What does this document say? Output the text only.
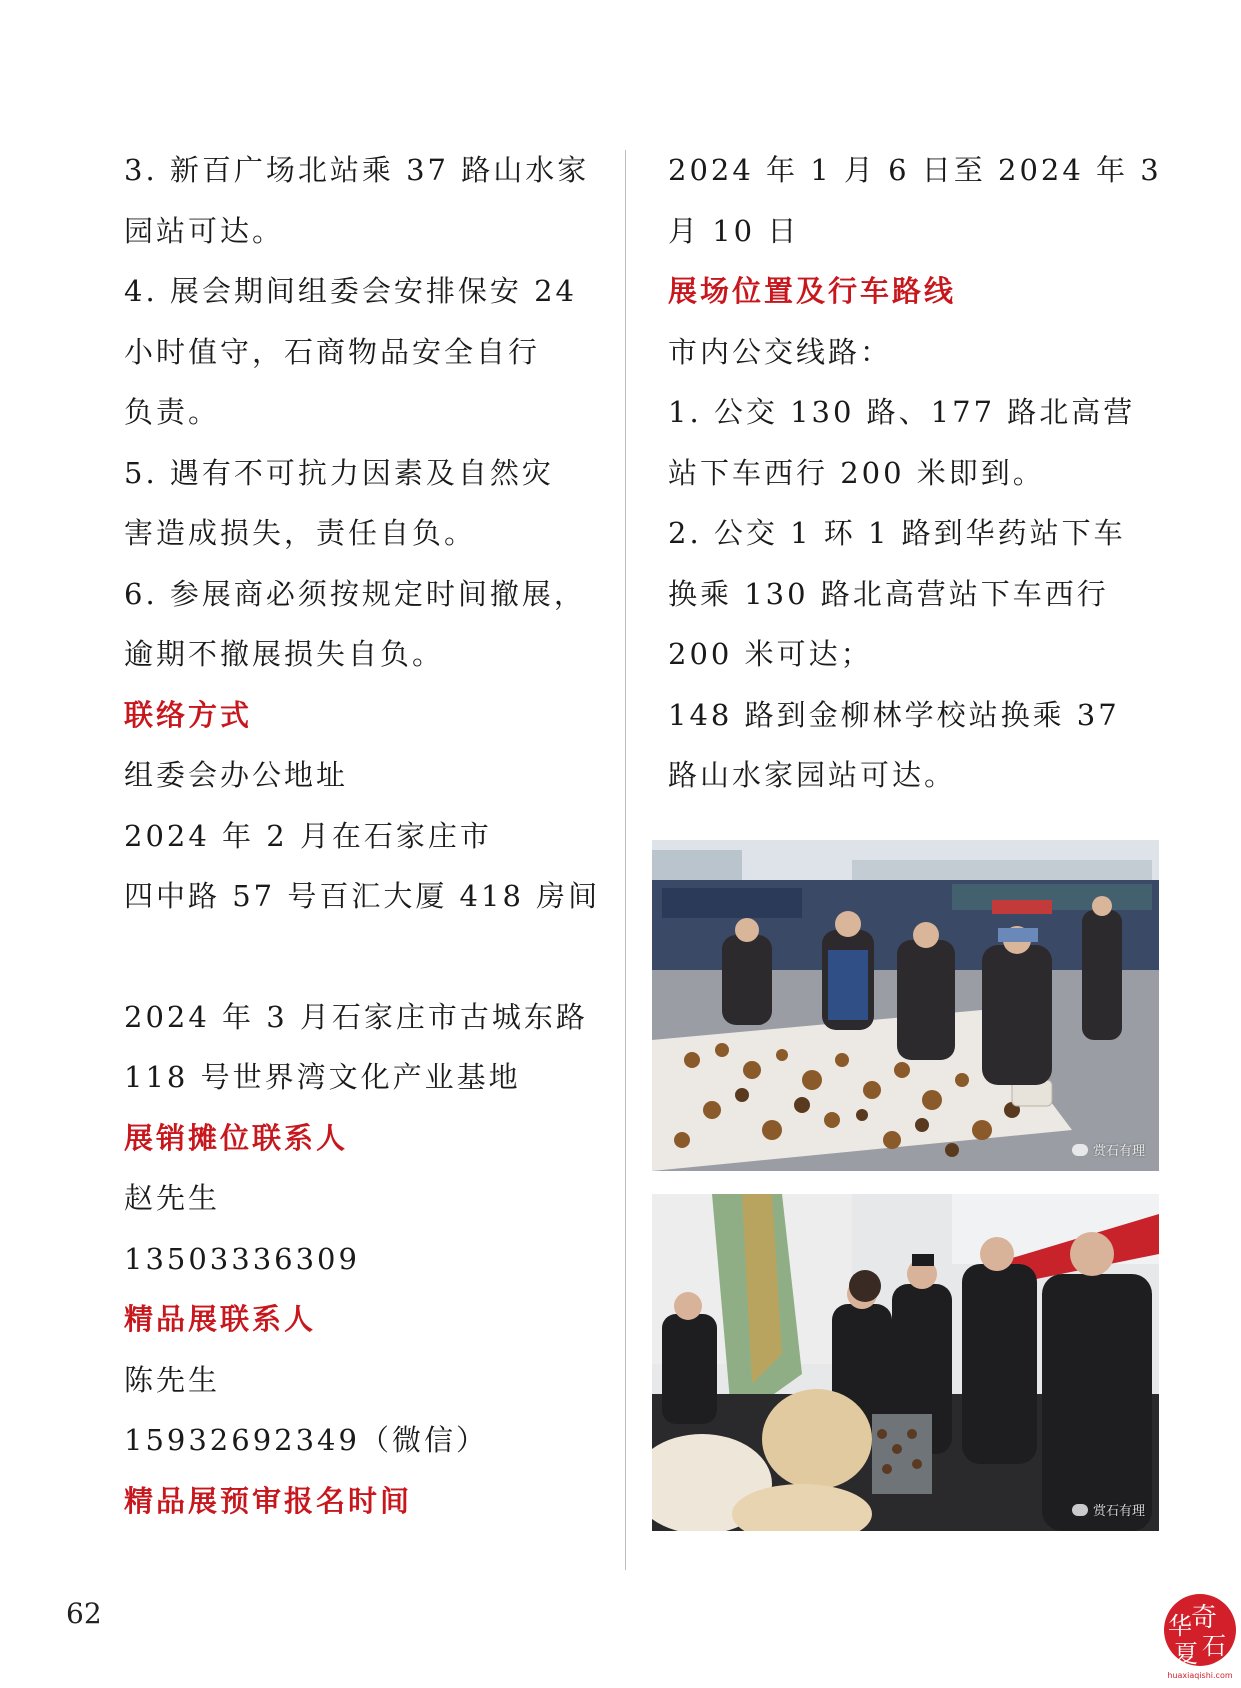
3. 新百广场北站乘 37 路山水家

园站可达。

4. 展会期间组委会安排保安 24

小时值守，石商物品安全自行

负责。

5. 遇有不可抗力因素及自然灾

害造成损失，责任自负。

6. 参展商必须按规定时间撤展，

逾期不撤展损失自负。

联络方式

组委会办公地址

2024 年 2 月在石家庄市

四中路 57 号百汇大厦 418 房间

2024 年 3 月石家庄市古城东路

118 号世界湾文化产业基地

展销摊位联系人

赵先生

13503336309

精品展联系人

陈先生

15932692349（微信）

精品展预审报名时间

2024 年 1 月 6 日至 2024 年 3

月 10 日

展场位置及行车路线

市内公交线路：

1. 公交 130 路、177 路北高营

站下车西行 200 米即到。

2. 公交 1 环 1 路到华药站下车

换乘 130 路北高营站下车西行

200 米可达；

148 路到金柳林学校站换乘 37

路山水家园站可达。

赏石有理
赏石有理
62	奇
华
石
夏
huaxiaqishi.com
